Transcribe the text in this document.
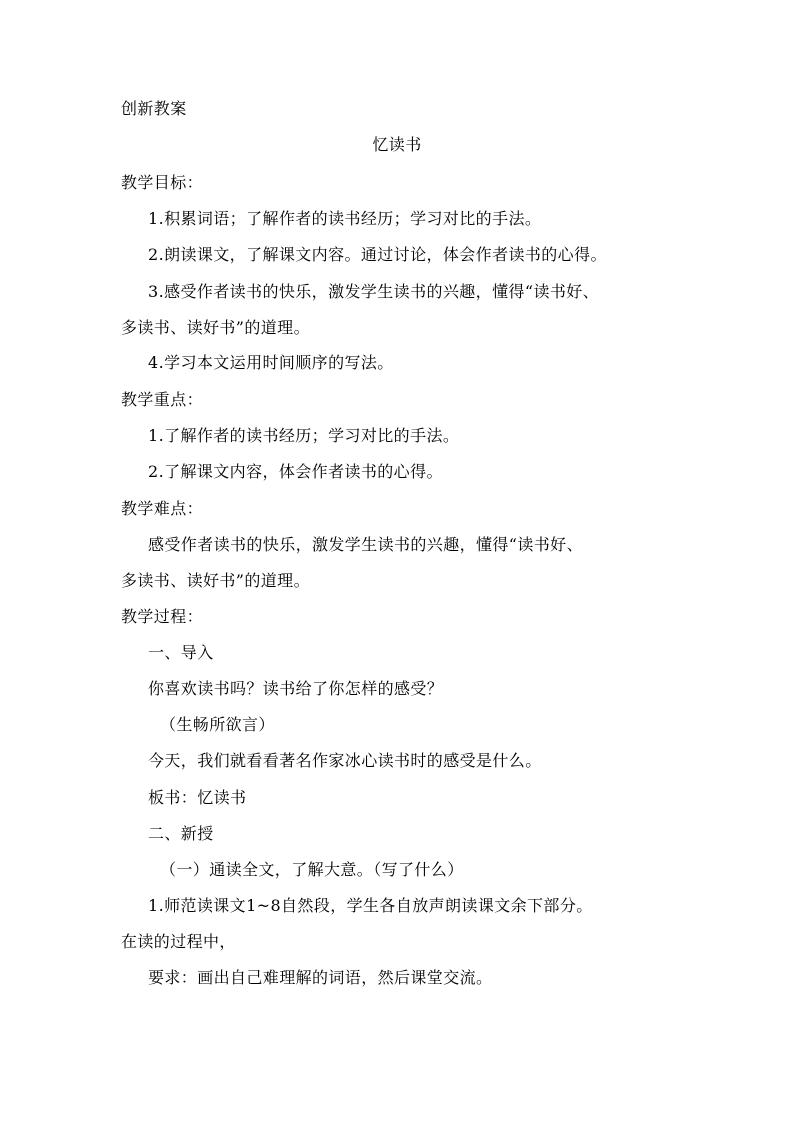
创新教案
忆读书
教学目标：
1.积累词语；了解作者的读书经历；学习对比的手法。
2.朗读课文，了解课文内容。通过讨论，体会作者读书的心得。
3.感受作者读书的快乐，激发学生读书的兴趣，懂得“读书好、
多读书、读好书”的道理。
4.学习本文运用时间顺序的写法。
教学重点：
1.了解作者的读书经历；学习对比的手法。
2.了解课文内容，体会作者读书的心得。
教学难点：
感受作者读书的快乐，激发学生读书的兴趣，懂得“读书好、
多读书、读好书”的道理。
教学过程：
一、导入
你喜欢读书吗？读书给了你怎样的感受？
（生畅所欲言）
今天，我们就看看著名作家冰心读书时的感受是什么。
板书：忆读书
二、新授
（一）通读全文，了解大意。（写了什么）
1.师范读课文1~8自然段，学生各自放声朗读课文余下部分。
在读的过程中，
要求：画出自己难理解的词语，然后课堂交流。
